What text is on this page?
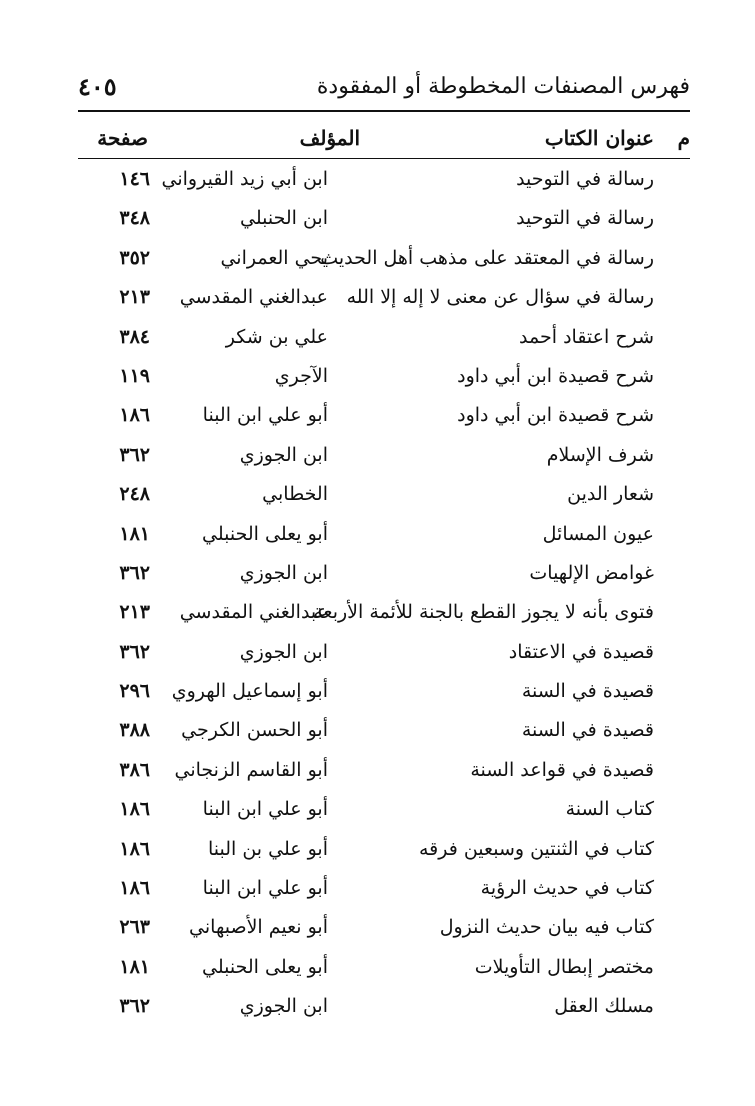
فهرس المصنفات المخطوطة أو المفقودة
٤٠٥
م
عنوان الكتاب
المؤلف
صفحة
رسالة في التوحيد
ابن أبي زيد القيرواني
١٤٦
رسالة في التوحيد
ابن الحنبلي
٣٤٨
رسالة في المعتقد على مذهب أهل الحديث
يحي العمراني
٣٥٢
رسالة في سؤال عن معنى لا إله إلا الله
عبدالغني المقدسي
٢١٣
شرح اعتقاد أحمد
علي بن شكر
٣٨٤
شرح قصيدة ابن أبي داود
الآجري
١١٩
شرح قصيدة ابن أبي داود
أبو علي ابن البنا
١٨٦
شرف الإسلام
ابن الجوزي
٣٦٢
شعار الدين
الخطابي
٢٤٨
عيون المسائل
أبو يعلى الحنبلي
١٨١
غوامض الإلهيات
ابن الجوزي
٣٦٢
فتوى بأنه لا يجوز القطع بالجنة للأئمة الأربعة
عبدالغني المقدسي
٢١٣
قصيدة في الاعتقاد
ابن الجوزي
٣٦٢
قصيدة في السنة
أبو إسماعيل الهروي
٢٩٦
قصيدة في السنة
أبو الحسن الكرجي
٣٨٨
قصيدة في قواعد السنة
أبو القاسم الزنجاني
٣٨٦
كتاب السنة
أبو علي ابن البنا
١٨٦
كتاب في الثنتين وسبعين فرقه
أبو علي بن البنا
١٨٦
كتاب في حديث الرؤية
أبو علي ابن البنا
١٨٦
كتاب فيه بيان حديث النزول
أبو نعيم الأصبهاني
٢٦٣
مختصر إبطال التأويلات
أبو يعلى الحنبلي
١٨١
مسلك العقل
ابن الجوزي
٣٦٢
